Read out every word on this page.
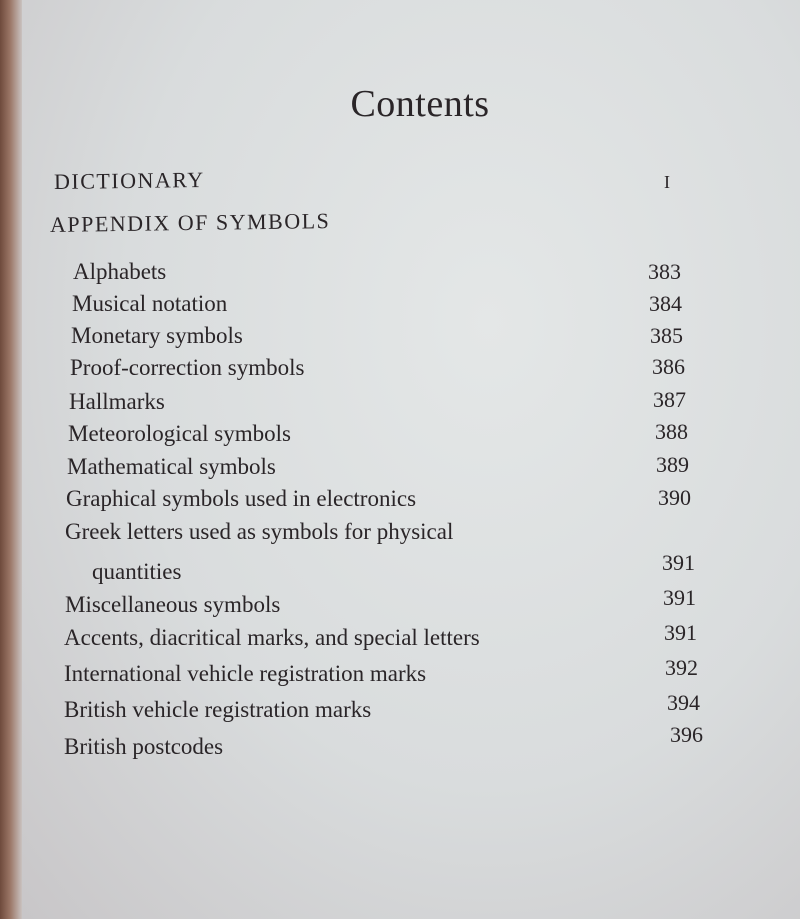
Contents
DICTIONARY	I
APPENDIX OF SYMBOLS
Alphabets	383
Musical notation	384
Monetary symbols	385
Proof-correction symbols	386
Hallmarks	387
Meteorological symbols	388
Mathematical symbols	389
Graphical symbols used in electronics	390
Greek letters used as symbols for physical
quantities	391
Miscellaneous symbols	391
Accents, diacritical marks, and special letters	391
International vehicle registration marks	392
British vehicle registration marks	394
British postcodes	396
